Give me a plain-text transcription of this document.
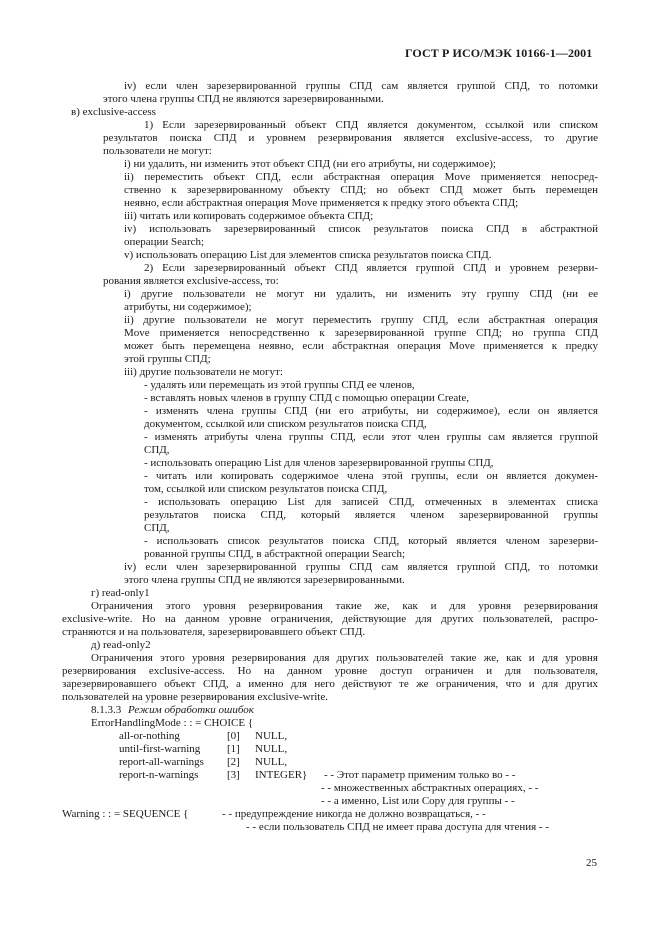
ГОСТ Р ИСО/МЭК 10166-1—2001
iv) если член зарезервированной группы СПД сам является группой СПД, то потомки
этого члена группы СПД не являются зарезервированными.
в) exclusive-access
1) Если зарезервированный объект СПД является документом, ссылкой или списком
результатов поиска СПД и уровнем резервирования является exclusive-access, то другие
пользователи не могут:
i) ни удалить, ни изменить этот объект СПД (ни его атрибуты, ни содержимое);
ii) переместить объект СПД, если абстрактная операция Move применяется непосред-
ственно к зарезервированному объекту СПД; но объект СПД может быть перемещен
неявно, если абстрактная операция Move применяется к предку этого объекта СПД;
iii) читать или копировать содержимое объекта СПД;
iv) использовать зарезервированный список результатов поиска СПД в абстрактной
операции Search;
v) использовать операцию List для элементов списка результатов поиска СПД.
2) Если зарезервированный объект СПД является группой СПД и уровнем резерви-
рования является exclusive-access, то:
i) другие пользователи не могут ни удалить, ни изменить эту группу СПД (ни ее
атрибуты, ни содержимое);
ii) другие пользователи не могут переместить группу СПД, если абстрактная операция
Move применяется непосредственно к зарезервированной группе СПД; но группа СПД
может быть перемещена неявно, если абстрактная операция Move применяется к предку
этой группы СПД;
iii) другие пользователи не могут:
- удалять или перемещать из этой группы СПД ее членов,
- вставлять новых членов в группу СПД с помощью операции Create,
- изменять члена группы СПД (ни его атрибуты, ни содержимое), если он является
документом, ссылкой или списком результатов поиска СПД,
- изменять атрибуты члена группы СПД, если этот член группы сам является группой
СПД,
- использовать операцию List для членов зарезервированной группы СПД,
- читать или копировать содержимое члена этой группы, если он является докумен-
том, ссылкой или списком результатов поиска СПД,
- использовать операцию List для записей СПД, отмеченных в элементах списка
результатов поиска СПД, который является членом зарезервированной группы
СПД,
- использовать список результатов поиска СПД, который является членом зарезерви-
рованной группы СПД, в абстрактной операции Search;
iv) если член зарезервированной группы СПД сам является группой СПД, то потомки
этого члена группы СПД не являются зарезервированными.
г) read-only1
Ограничения этого уровня резервирования такие же, как и для уровня резервирования
exclusive-write. Но на данном уровне ограничения, действующие для других пользователей, распро-
страняются и на пользователя, зарезервировавшего объект СПД.
д) read-only2
Ограничения этого уровня резервирования для других пользователей такие же, как и для уровня
резервирования exclusive-access. Но на данном уровне доступ ограничен и для пользователя,
зарезервировавшего объект СПД, а именно для него действуют те же ограничения, что и для других
пользователей на уровне резервирования exclusive-write.
8.1.3.3 Режим обработки ошибок
ErrorHandlingMode : : = CHOICE {
all-or-nothing	[0] NULL,
until-first-warning [1] NULL,
report-all-warnings [2] NULL,
report-n-warnings	[3] INTEGER} - - Этот параметр применим только во - -
- - множественных абстрактных операциях, - -
- - а именно, List или Copy для группы - -
Warning : : = SEQUENCE {	- - предупреждение никогда не должно возвращаться, - -
- - если пользователь СПД не имеет права доступа для чтения - -
25
